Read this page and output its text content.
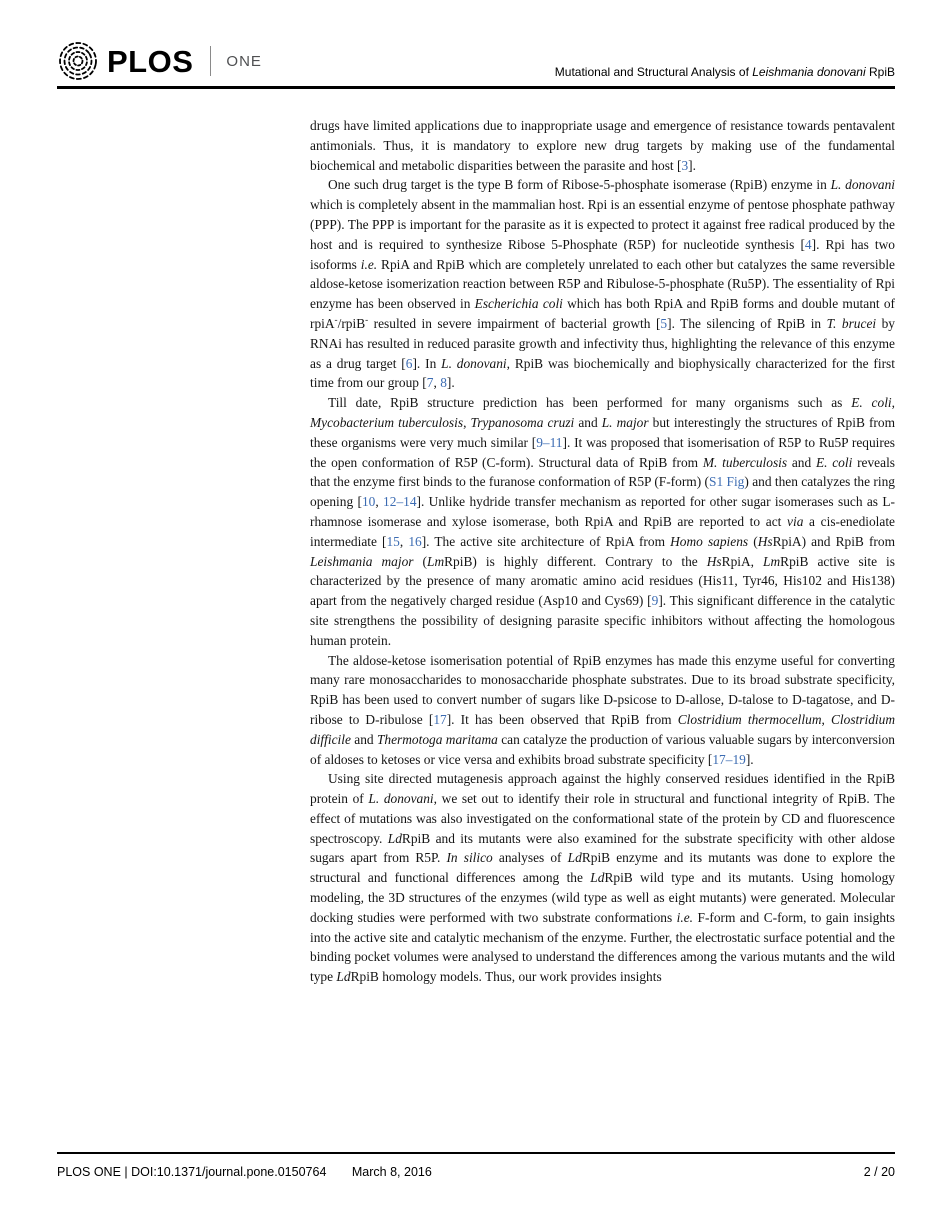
PLOS ONE
Mutational and Structural Analysis of Leishmania donovani RpiB

drugs have limited applications due to inappropriate usage and emergence of resistance towards pentavalent antimonials. Thus, it is mandatory to explore new drug targets by making use of the fundamental biochemical and metabolic disparities between the parasite and host [3].

One such drug target is the type B form of Ribose-5-phosphate isomerase (RpiB) enzyme in L. donovani which is completely absent in the mammalian host. Rpi is an essential enzyme of pentose phosphate pathway (PPP). The PPP is important for the parasite as it is expected to protect it against free radical produced by the host and is required to synthesize Ribose 5-Phosphate (R5P) for nucleotide synthesis [4]. Rpi has two isoforms i.e. RpiA and RpiB which are completely unrelated to each other but catalyzes the same reversible aldose-ketose isomerization reaction between R5P and Ribulose-5-phosphate (Ru5P). The essentiality of Rpi enzyme has been observed in Escherichia coli which has both RpiA and RpiB forms and double mutant of rpiA-/rpiB- resulted in severe impairment of bacterial growth [5]. The silencing of RpiB in T. brucei by RNAi has resulted in reduced parasite growth and infectivity thus, highlighting the relevance of this enzyme as a drug target [6]. In L. donovani, RpiB was biochemically and biophysically characterized for the first time from our group [7, 8].

Till date, RpiB structure prediction has been performed for many organisms such as E. coli, Mycobacterium tuberculosis, Trypanosoma cruzi and L. major but interestingly the structures of RpiB from these organisms were very much similar [9–11]. It was proposed that isomerisation of R5P to Ru5P requires the open conformation of R5P (C-form). Structural data of RpiB from M. tuberculosis and E. coli reveals that the enzyme first binds to the furanose conformation of R5P (F-form) (S1 Fig) and then catalyzes the ring opening [10, 12–14]. Unlike hydride transfer mechanism as reported for other sugar isomerases such as L-rhamnose isomerase and xylose isomerase, both RpiA and RpiB are reported to act via a cis-enediolate intermediate [15, 16]. The active site architecture of RpiA from Homo sapiens (HsRpiA) and RpiB from Leishmania major (LmRpiB) is highly different. Contrary to the HsRpiA, LmRpiB active site is characterized by the presence of many aromatic amino acid residues (His11, Tyr46, His102 and His138) apart from the negatively charged residue (Asp10 and Cys69) [9]. This significant difference in the catalytic site strengthens the possibility of designing parasite specific inhibitors without affecting the homologous human protein.

The aldose-ketose isomerisation potential of RpiB enzymes has made this enzyme useful for converting many rare monosaccharides to monosaccharide phosphate substrates. Due to its broad substrate specificity, RpiB has been used to convert number of sugars like D-psicose to D-allose, D-talose to D-tagatose, and D-ribose to D-ribulose [17]. It has been observed that RpiB from Clostridium thermocellum, Clostridium difficile and Thermotoga maritama can catalyze the production of various valuable sugars by interconversion of aldoses to ketoses or vice versa and exhibits broad substrate specificity [17–19].

Using site directed mutagenesis approach against the highly conserved residues identified in the RpiB protein of L. donovani, we set out to identify their role in structural and functional integrity of RpiB. The effect of mutations was also investigated on the conformational state of the protein by CD and fluorescence spectroscopy. LdRpiB and its mutants were also examined for the substrate specificity with other aldose sugars apart from R5P. In silico analyses of LdRpiB enzyme and its mutants was done to explore the structural and functional differences among the LdRpiB wild type and its mutants. Using homology modeling, the 3D structures of the enzymes (wild type as well as eight mutants) were generated. Molecular docking studies were performed with two substrate conformations i.e. F-form and C-form, to gain insights into the active site and catalytic mechanism of the enzyme. Further, the electrostatic surface potential and the binding pocket volumes were analysed to understand the differences among the various mutants and the wild type LdRpiB homology models. Thus, our work provides insights

PLOS ONE | DOI:10.1371/journal.pone.0150764 March 8, 2016	2 / 20
